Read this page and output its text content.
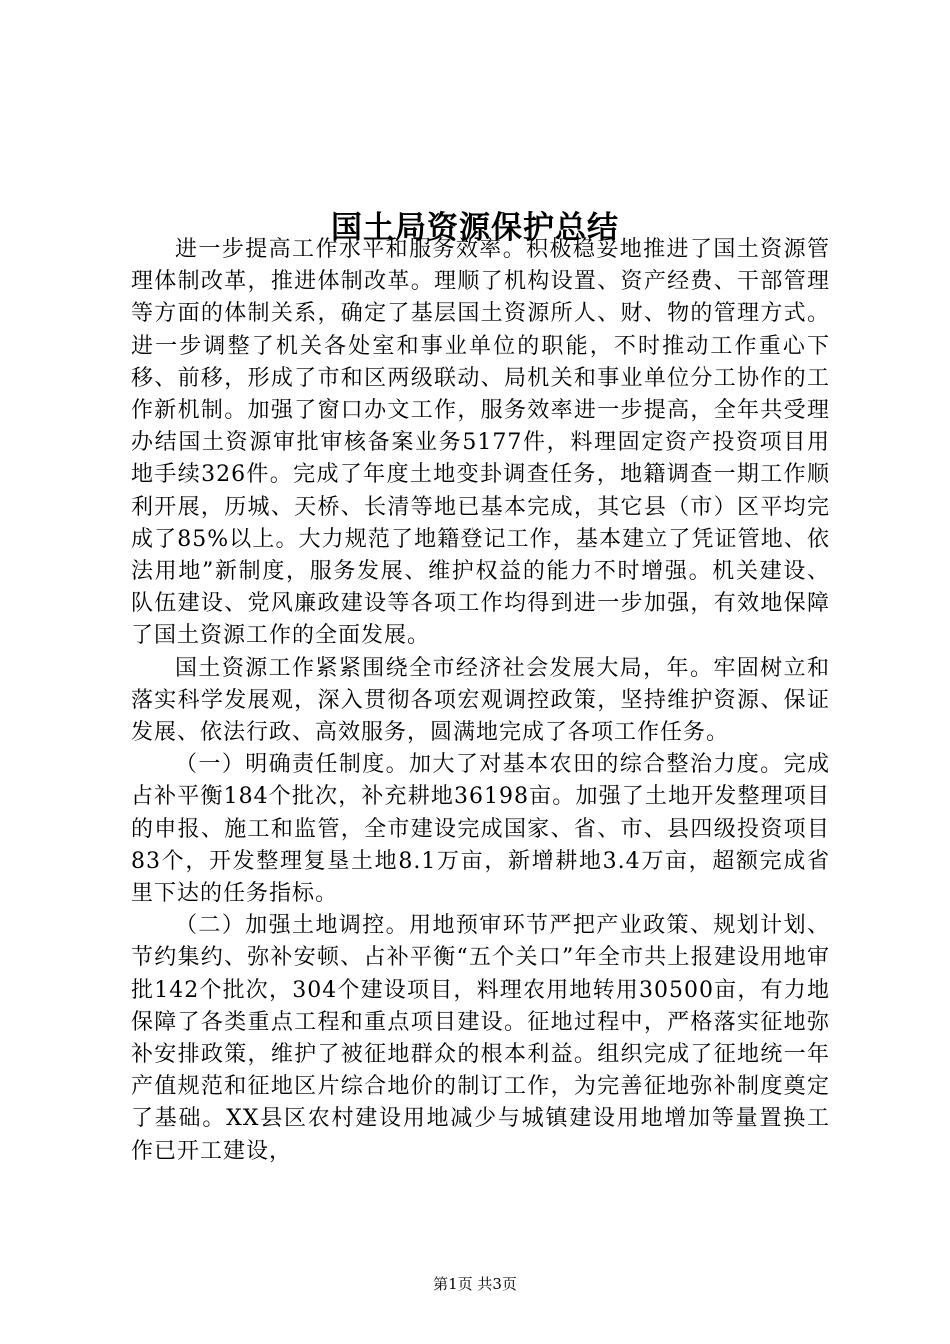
国土局资源保护总结

进一步提高工作水平和服务效率。积极稳妥地推进了国土资源管理体制改革，推进体制改革。理顺了机构设置、资产经费、干部管理等方面的体制关系，确定了基层国土资源所人、财、物的管理方式。进一步调整了机关各处室和事业单位的职能，不时推动工作重心下移、前移，形成了市和区两级联动、局机关和事业单位分工协作的工作新机制。加强了窗口办文工作，服务效率进一步提高，全年共受理办结国土资源审批审核备案业务5177件，料理固定资产投资项目用地手续326件。完成了年度土地变卦调查任务，地籍调查一期工作顺利开展，历城、天桥、长清等地已基本完成，其它县（市）区平均完成了85%以上。大力规范了地籍登记工作，基本建立了凭证管地、依法用地”新制度，服务发展、维护权益的能力不时增强。机关建设、队伍建设、党风廉政建设等各项工作均得到进一步加强，有效地保障了国土资源工作的全面发展。

国土资源工作紧紧围绕全市经济社会发展大局，年。牢固树立和落实科学发展观，深入贯彻各项宏观调控政策，坚持维护资源、保证发展、依法行政、高效服务，圆满地完成了各项工作任务。

（一）明确责任制度。加大了对基本农田的综合整治力度。完成占补平衡184个批次，补充耕地36198亩。加强了土地开发整理项目的申报、施工和监管，全市建设完成国家、省、市、县四级投资项目83个，开发整理复垦土地8.1万亩，新增耕地3.4万亩，超额完成省里下达的任务指标。

（二）加强土地调控。用地预审环节严把产业政策、规划计划、节约集约、弥补安顿、占补平衡“五个关口”年全市共上报建设用地审批142个批次，304个建设项目，料理农用地转用30500亩，有力地保障了各类重点工程和重点项目建设。征地过程中，严格落实征地弥补安排政策，维护了被征地群众的根本利益。组织完成了征地统一年产值规范和征地区片综合地价的制订工作，为完善征地弥补制度奠定了基础。XX县区农村建设用地减少与城镇建设用地增加等量置换工作已开工建设，

第1页 共3页
